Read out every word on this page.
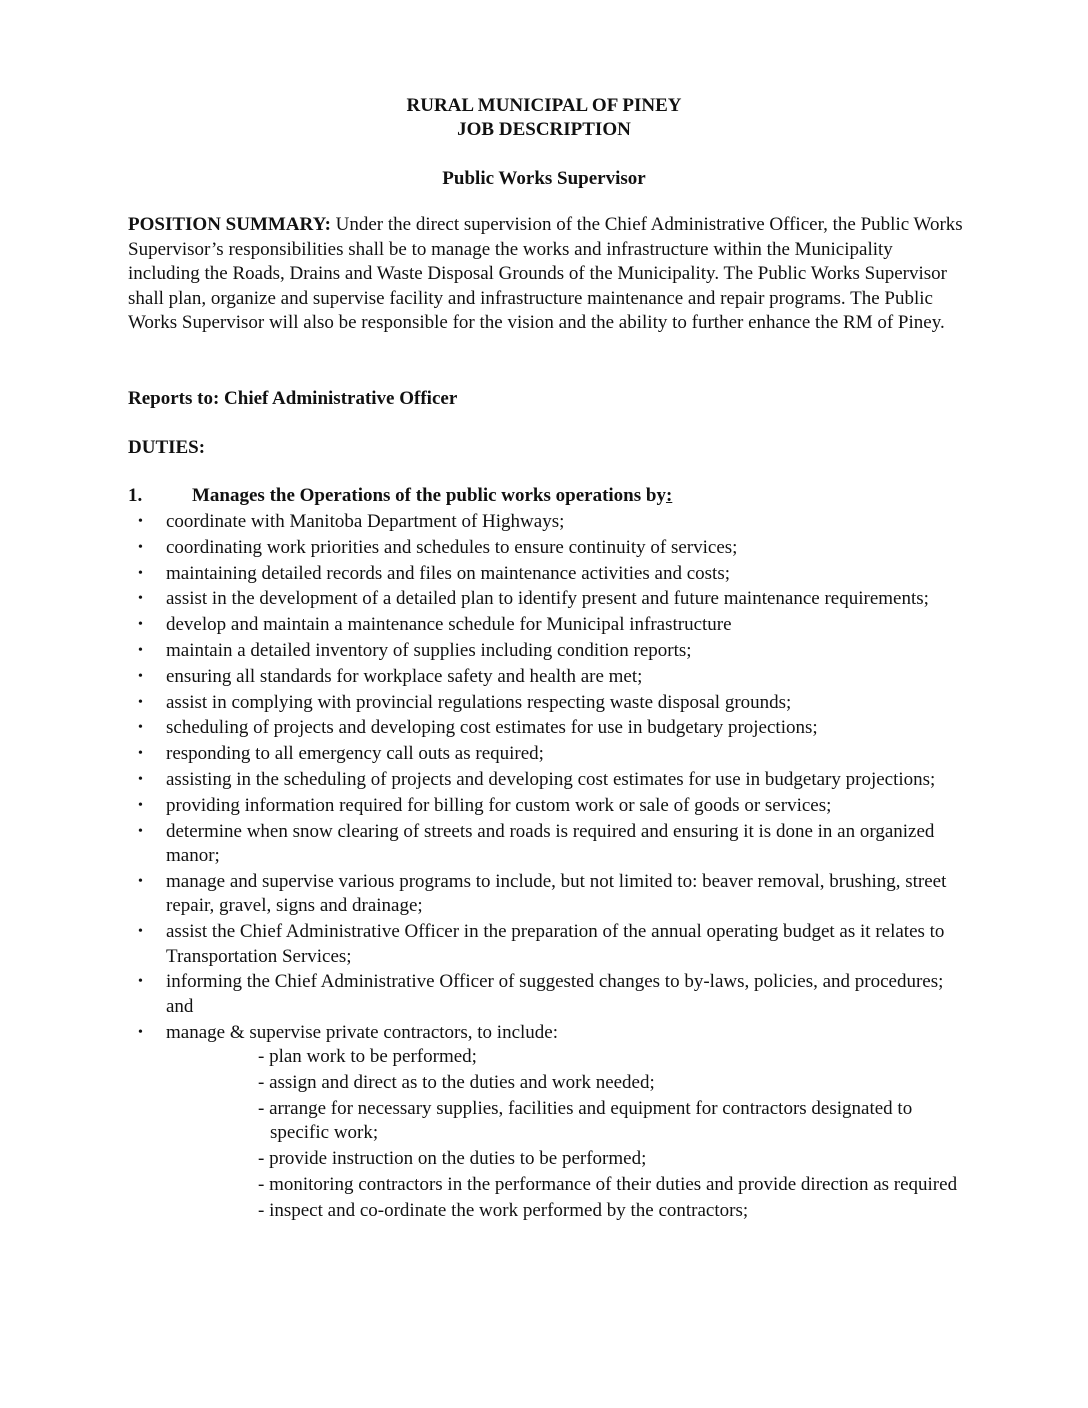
RURAL MUNICIPAL OF PINEY
JOB DESCRIPTION
Public Works Supervisor
POSITION SUMMARY: Under the direct supervision of the Chief Administrative Officer, the Public Works Supervisor’s responsibilities shall be to manage the works and infrastructure within the Municipality including the Roads, Drains and Waste Disposal Grounds of the Municipality. The Public Works Supervisor shall plan, organize and supervise facility and infrastructure maintenance and repair programs. The Public Works Supervisor will also be responsible for the vision and the ability to further enhance the RM of Piney.
Reports to: Chief Administrative Officer
DUTIES:
1.	Manages the Operations of the public works operations by:
• coordinate with Manitoba Department of Highways;
• coordinating work priorities and schedules to ensure continuity of services;
• maintaining detailed records and files on maintenance activities and costs;
• assist in the development of a detailed plan to identify present and future maintenance requirements;
• develop and maintain a maintenance schedule for Municipal infrastructure
• maintain a detailed inventory of supplies including condition reports;
• ensuring all standards for workplace safety and health are met;
• assist in complying with provincial regulations respecting waste disposal grounds;
• scheduling of projects and developing cost estimates for use in budgetary projections;
• responding to all emergency call outs as required;
• assisting in the scheduling of projects and developing cost estimates for use in budgetary projections;
• providing information required for billing for custom work or sale of goods or services;
• determine when snow clearing of streets and roads is required and ensuring it is done in an organized manor;
• manage and supervise various programs to include, but not limited to: beaver removal, brushing, street repair, gravel, signs and drainage;
• assist the Chief Administrative Officer in the preparation of the annual operating budget as it relates to Transportation Services;
• informing the Chief Administrative Officer of suggested changes to by-laws, policies, and procedures; and
• manage & supervise private contractors, to include:
- plan work to be performed;
- assign and direct as to the duties and work needed;
- arrange for necessary supplies, facilities and equipment for contractors designated to specific work;
- provide instruction on the duties to be performed;
- monitoring contractors in the performance of their duties and provide direction as required
- inspect and co-ordinate the work performed by the contractors;
